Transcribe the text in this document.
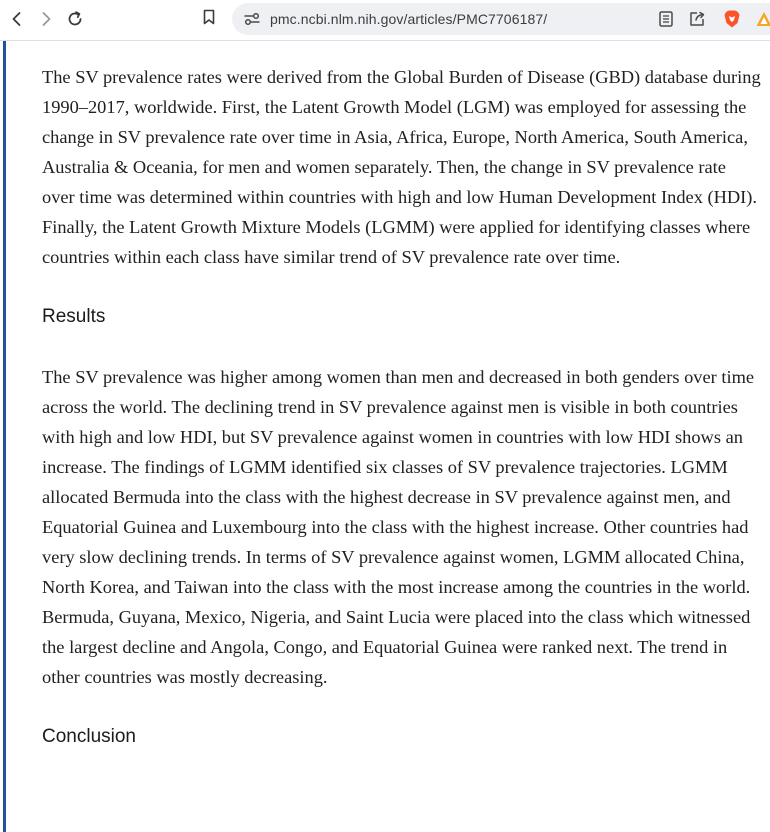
pmc.ncbi.nlm.nih.gov/articles/PMC7706187/

The SV prevalence rates were derived from the Global Burden of Disease (GBD) database during 1990–2017, worldwide. First, the Latent Growth Model (LGM) was employed for assessing the change in SV prevalence rate over time in Asia, Africa, Europe, North America, South America, Australia & Oceania, for men and women separately. Then, the change in SV prevalence rate over time was determined within countries with high and low Human Development Index (HDI). Finally, the Latent Growth Mixture Models (LGMM) were applied for identifying classes where countries within each class have similar trend of SV prevalence rate over time.

Results

The SV prevalence was higher among women than men and decreased in both genders over time across the world. The declining trend in SV prevalence against men is visible in both countries with high and low HDI, but SV prevalence against women in countries with low HDI shows an increase. The findings of LGMM identified six classes of SV prevalence trajectories. LGMM allocated Bermuda into the class with the highest decrease in SV prevalence against men, and Equatorial Guinea and Luxembourg into the class with the highest increase. Other countries had very slow declining trends. In terms of SV prevalence against women, LGMM allocated China, North Korea, and Taiwan into the class with the most increase among the countries in the world. Bermuda, Guyana, Mexico, Nigeria, and Saint Lucia were placed into the class which witnessed the largest decline and Angola, Congo, and Equatorial Guinea were ranked next. The trend in other countries was mostly decreasing.

Conclusion
